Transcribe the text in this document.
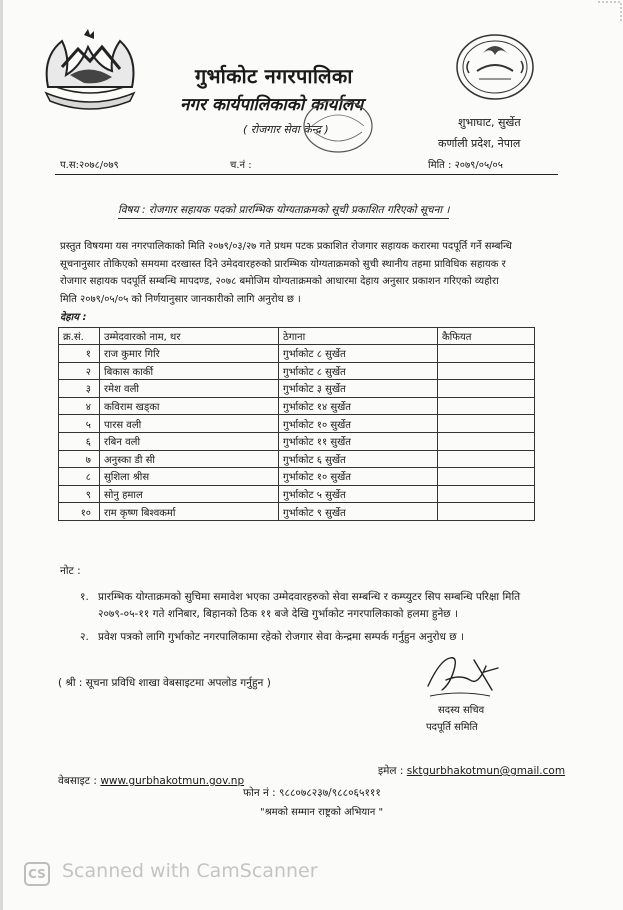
गुर्भाकोट नगरपालिका
नगर कार्यपालिकाको कार्यालय
( रोजगार सेवा केन्द्र )
शुभाघाट, सुर्खेत
कर्णाली प्रदेश, नेपाल
प.स:२०७८/०७९	च.नं :	मिति : २०७९/०५/०५
विषय : रोजगार सहायक पदको प्रारम्भिक योग्यताक्रमको सूची प्रकाशित गरिएको सूचना ।
प्रस्तुत विषयमा यस नगरपालिकाको मिति २०७९/०३/२७ गते प्रथम पटक प्रकाशित रोजगार सहायक करारमा पदपूर्ति गर्ने सम्बन्धि
सूचनानुसार तोकिएको समयमा दरखास्त दिने उमेदवारहरुको प्रारम्भिक योग्यताक्रमको सुची स्थानीय तहमा प्राविधिक सहायक र
रोजगार सहायक पदपूर्ति सम्बन्धि मापदण्ड, २०७८ बमोजिम योग्यताक्रमको आधारमा देहाय अनुसार प्रकाशन गरिएको व्यहोरा
मिति २०७९/०५/०५ को निर्णयानुसार जानकारीको लागि अनुरोध छ ।
देहाय :
क्र.सं.	उम्मेदवारको नाम, थर	ठेगाना	कैफियत
१	राज कुमार गिरि	गुर्भाकोट ८ सुर्खेत	
२	बिकास कार्की	गुर्भाकोट ८ सुर्खेत	
३	रमेश वली	गुर्भाकोट ३ सुर्खेत	
४	कविराम खड्का	गुर्भाकोट १४ सुर्खेत	
५	पारस वली	गुर्भाकोट १० सुर्खेत	
६	रबिन वली	गुर्भाकोट ११ सुर्खेत	
७	अनुस्का डी सी	गुर्भाकोट ६ सुर्खेत	
८	सुशिला श्रीस	गुर्भाकोट १० सुर्खेत	
९	सोनु हमाल	गुर्भाकोट ५ सुर्खेत	
१०	राम कृष्ण बिश्वकर्मा	गुर्भाकोट ९ सुर्खेत	
नोट :
१. प्रारम्भिक योग्ताक्रमको सुचिमा समावेश भएका उम्मेदवारहरुको सेवा सम्बन्धि र कम्प्युटर सिप सम्बन्धि परिक्षा मिति
२०७९-०५-११ गते शनिबार, बिहानको ठिक ११ बजे देखि गुर्भाकोट नगरपालिकाको हलमा हुनेछ ।
२. प्रवेश पत्रको लागि गुर्भाकोट नगरपालिकामा रहेको रोजगार सेवा केन्द्रमा सम्पर्क गर्नुहुन अनुरोध छ ।
( श्री : सूचना प्रविधि शाखा वेबसाइटमा अपलोड गर्नुहुन )
सदस्य सचिव
पदपूर्ति समिति
इमेल : sktgurbhakotmun@gmail.com
वेबसाइट : www.gurbhakotmun.gov.np
फोन नं : ९८८०७८२३७/९८८०६५१११
"श्रमको सम्मान राष्ट्रको अभियान "
CS Scanned with CamScanner
